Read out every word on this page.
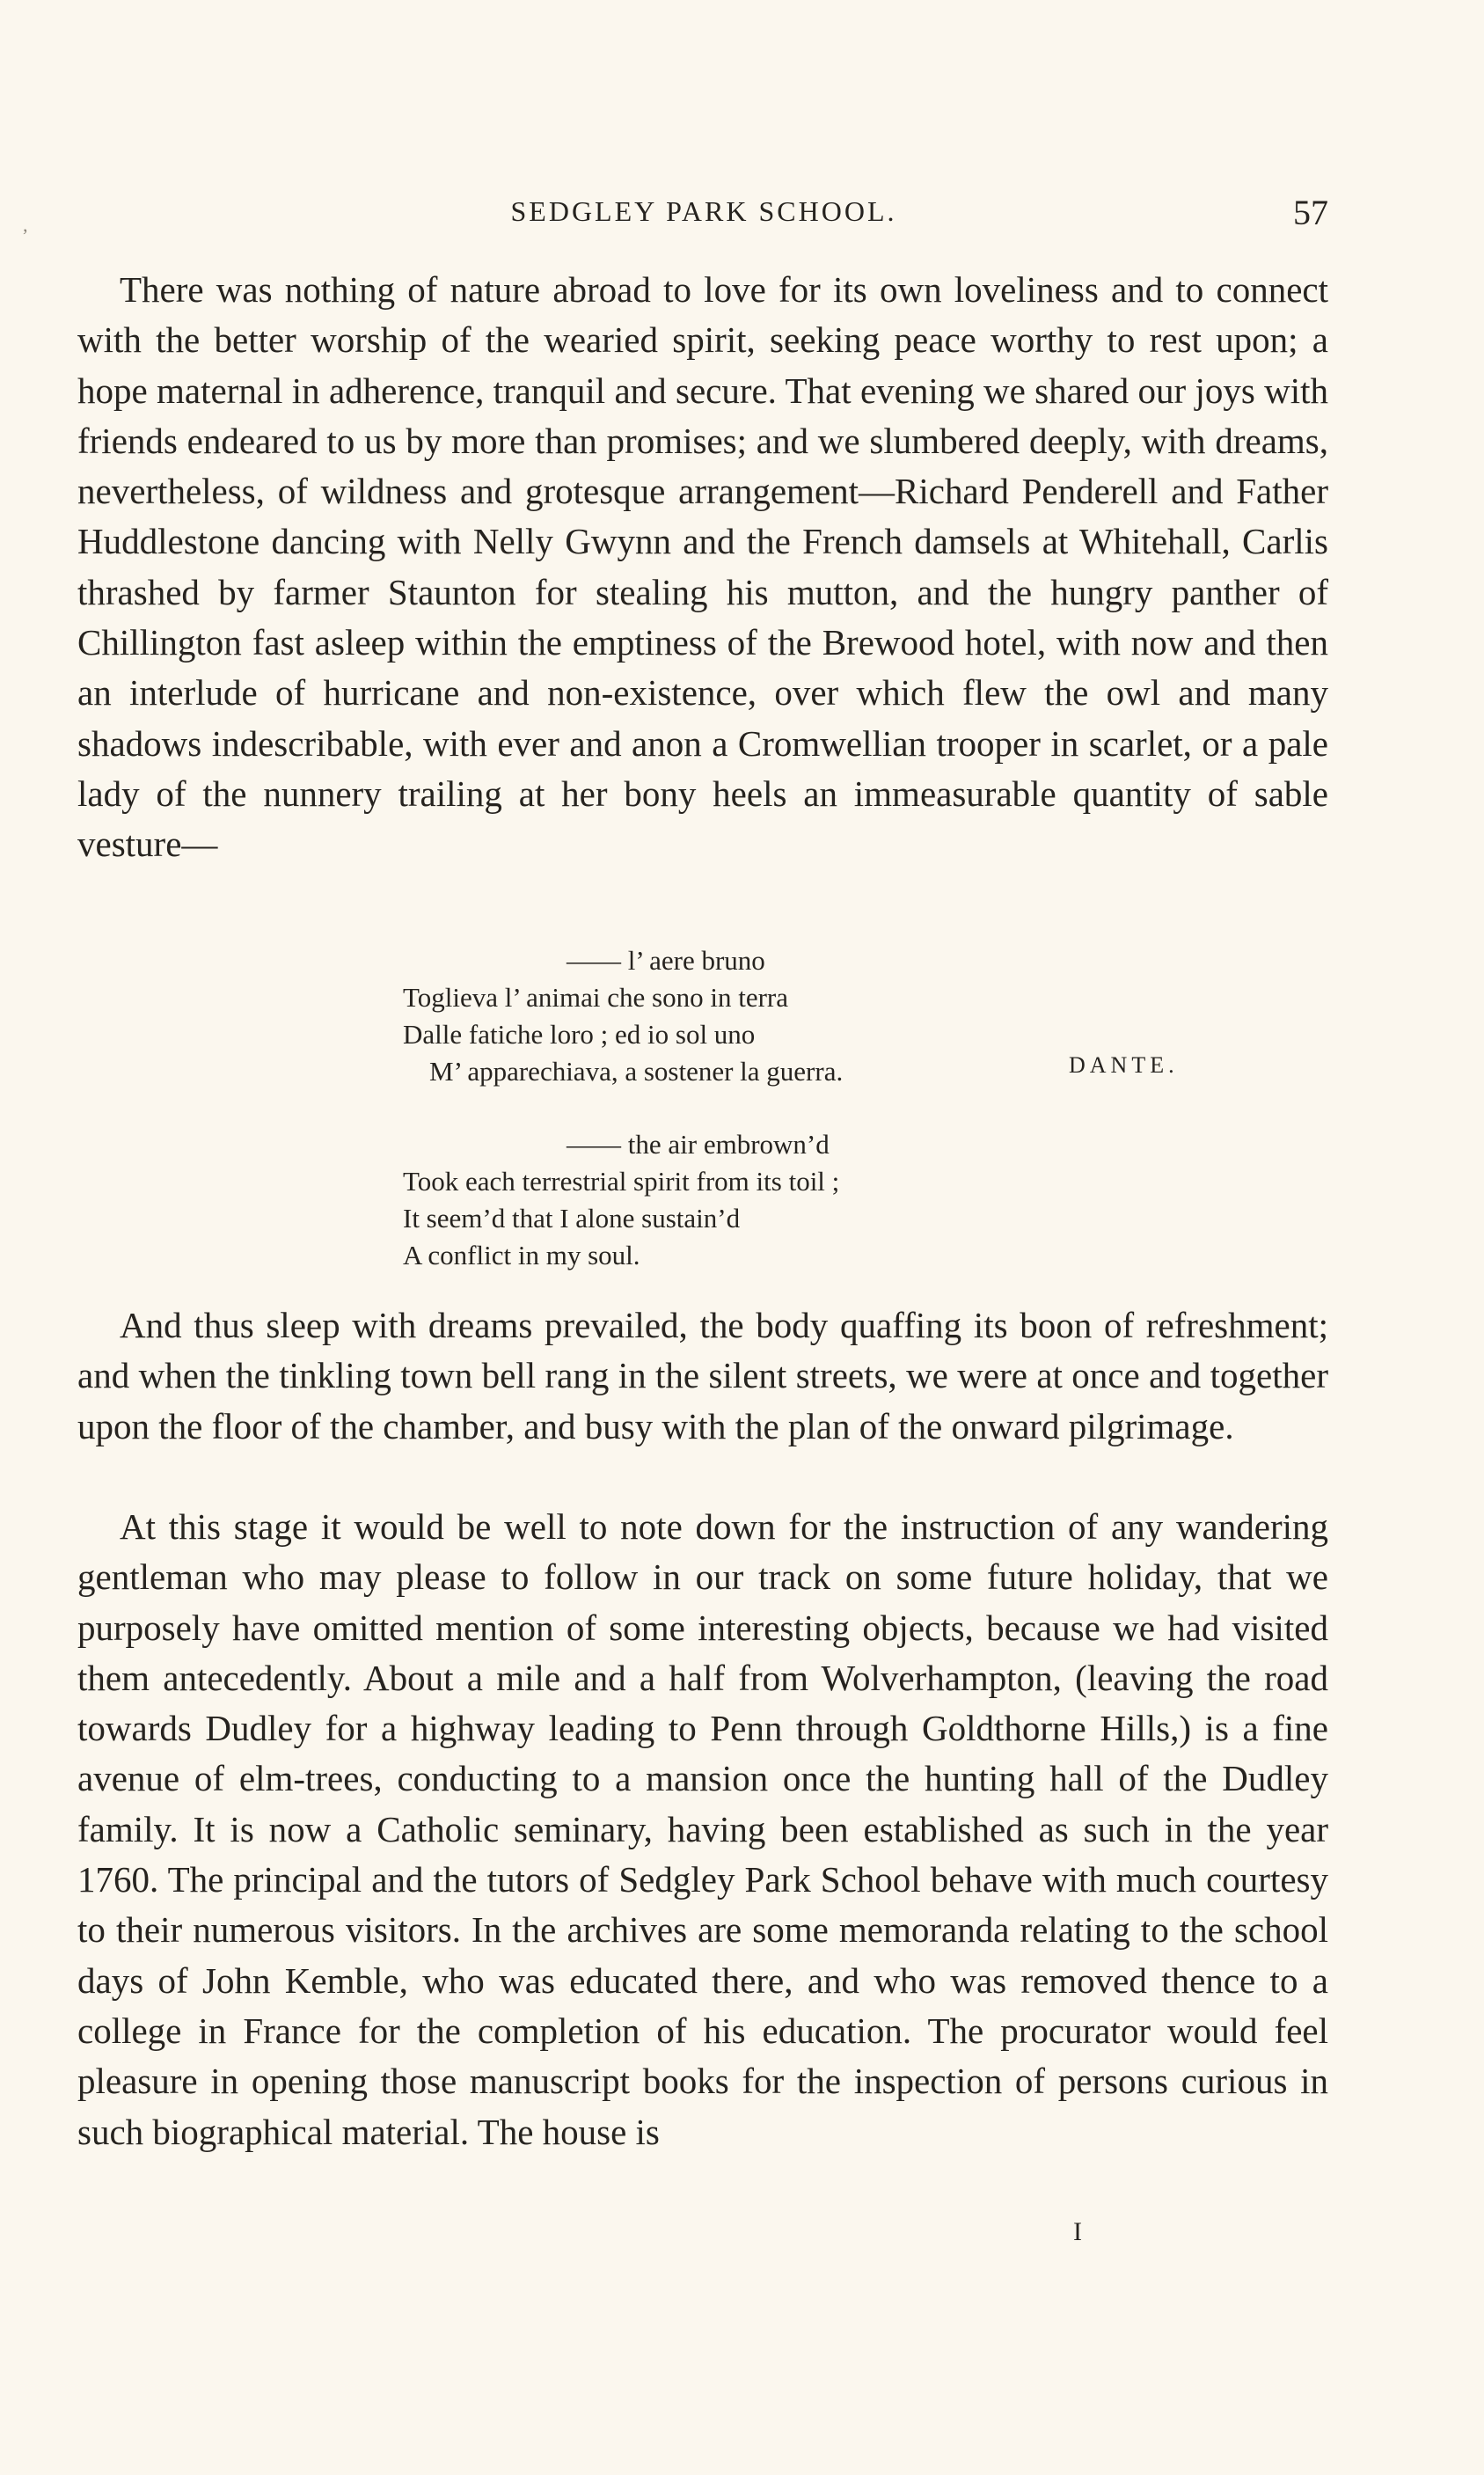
,	SEDGLEY PARK SCHOOL.	57

There was nothing of nature abroad to love for its own loveliness and to connect with the better worship of the wearied spirit, seeking peace worthy to rest upon; a hope maternal in adherence, tranquil and secure. That evening we shared our joys with friends endeared to us by more than promises; and we slumbered deeply, with dreams, nevertheless, of wildness and grotesque arrangement—Richard Penderell and Father Huddlestone dancing with Nelly Gwynn and the French damsels at Whitehall, Carlis thrashed by farmer Staunton for stealing his mutton, and the hungry panther of Chillington fast asleep within the emptiness of the Brewood hotel, with now and then an interlude of hurricane and non-existence, over which flew the owl and many shadows indescribable, with ever and anon a Cromwellian trooper in scarlet, or a pale lady of the nunnery trailing at her bony heels an immeasurable quantity of sable vesture—

—— l’ aere bruno
Toglieva l’ animai che sono in terra
Dalle fatiche loro ; ed io sol uno
M’ apparechiava, a sostener la guerra.	DANTE.
—— the air embrown’d
Took each terrestrial spirit from its toil ;
It seem’d that I alone sustain’d
A conflict in my soul.

And thus sleep with dreams prevailed, the body quaffing its boon of refreshment; and when the tinkling town bell rang in the silent streets, we were at once and together upon the floor of the chamber, and busy with the plan of the onward pilgrimage.

At this stage it would be well to note down for the instruction of any wandering gentleman who may please to follow in our track on some future holiday, that we purposely have omitted mention of some interesting objects, because we had visited them antecedently. About a mile and a half from Wolverhampton, (leaving the road towards Dudley for a highway leading to Penn through Goldthorne Hills,) is a fine avenue of elm-trees, conducting to a mansion once the hunting hall of the Dudley family. It is now a Catholic seminary, having been established as such in the year 1760. The principal and the tutors of Sedgley Park School behave with much courtesy to their numerous visitors. In the archives are some memoranda relating to the school days of John Kemble, who was educated there, and who was removed thence to a college in France for the completion of his education. The procurator would feel pleasure in opening those manuscript books for the inspection of persons curious in such biographical material. The house is

I
